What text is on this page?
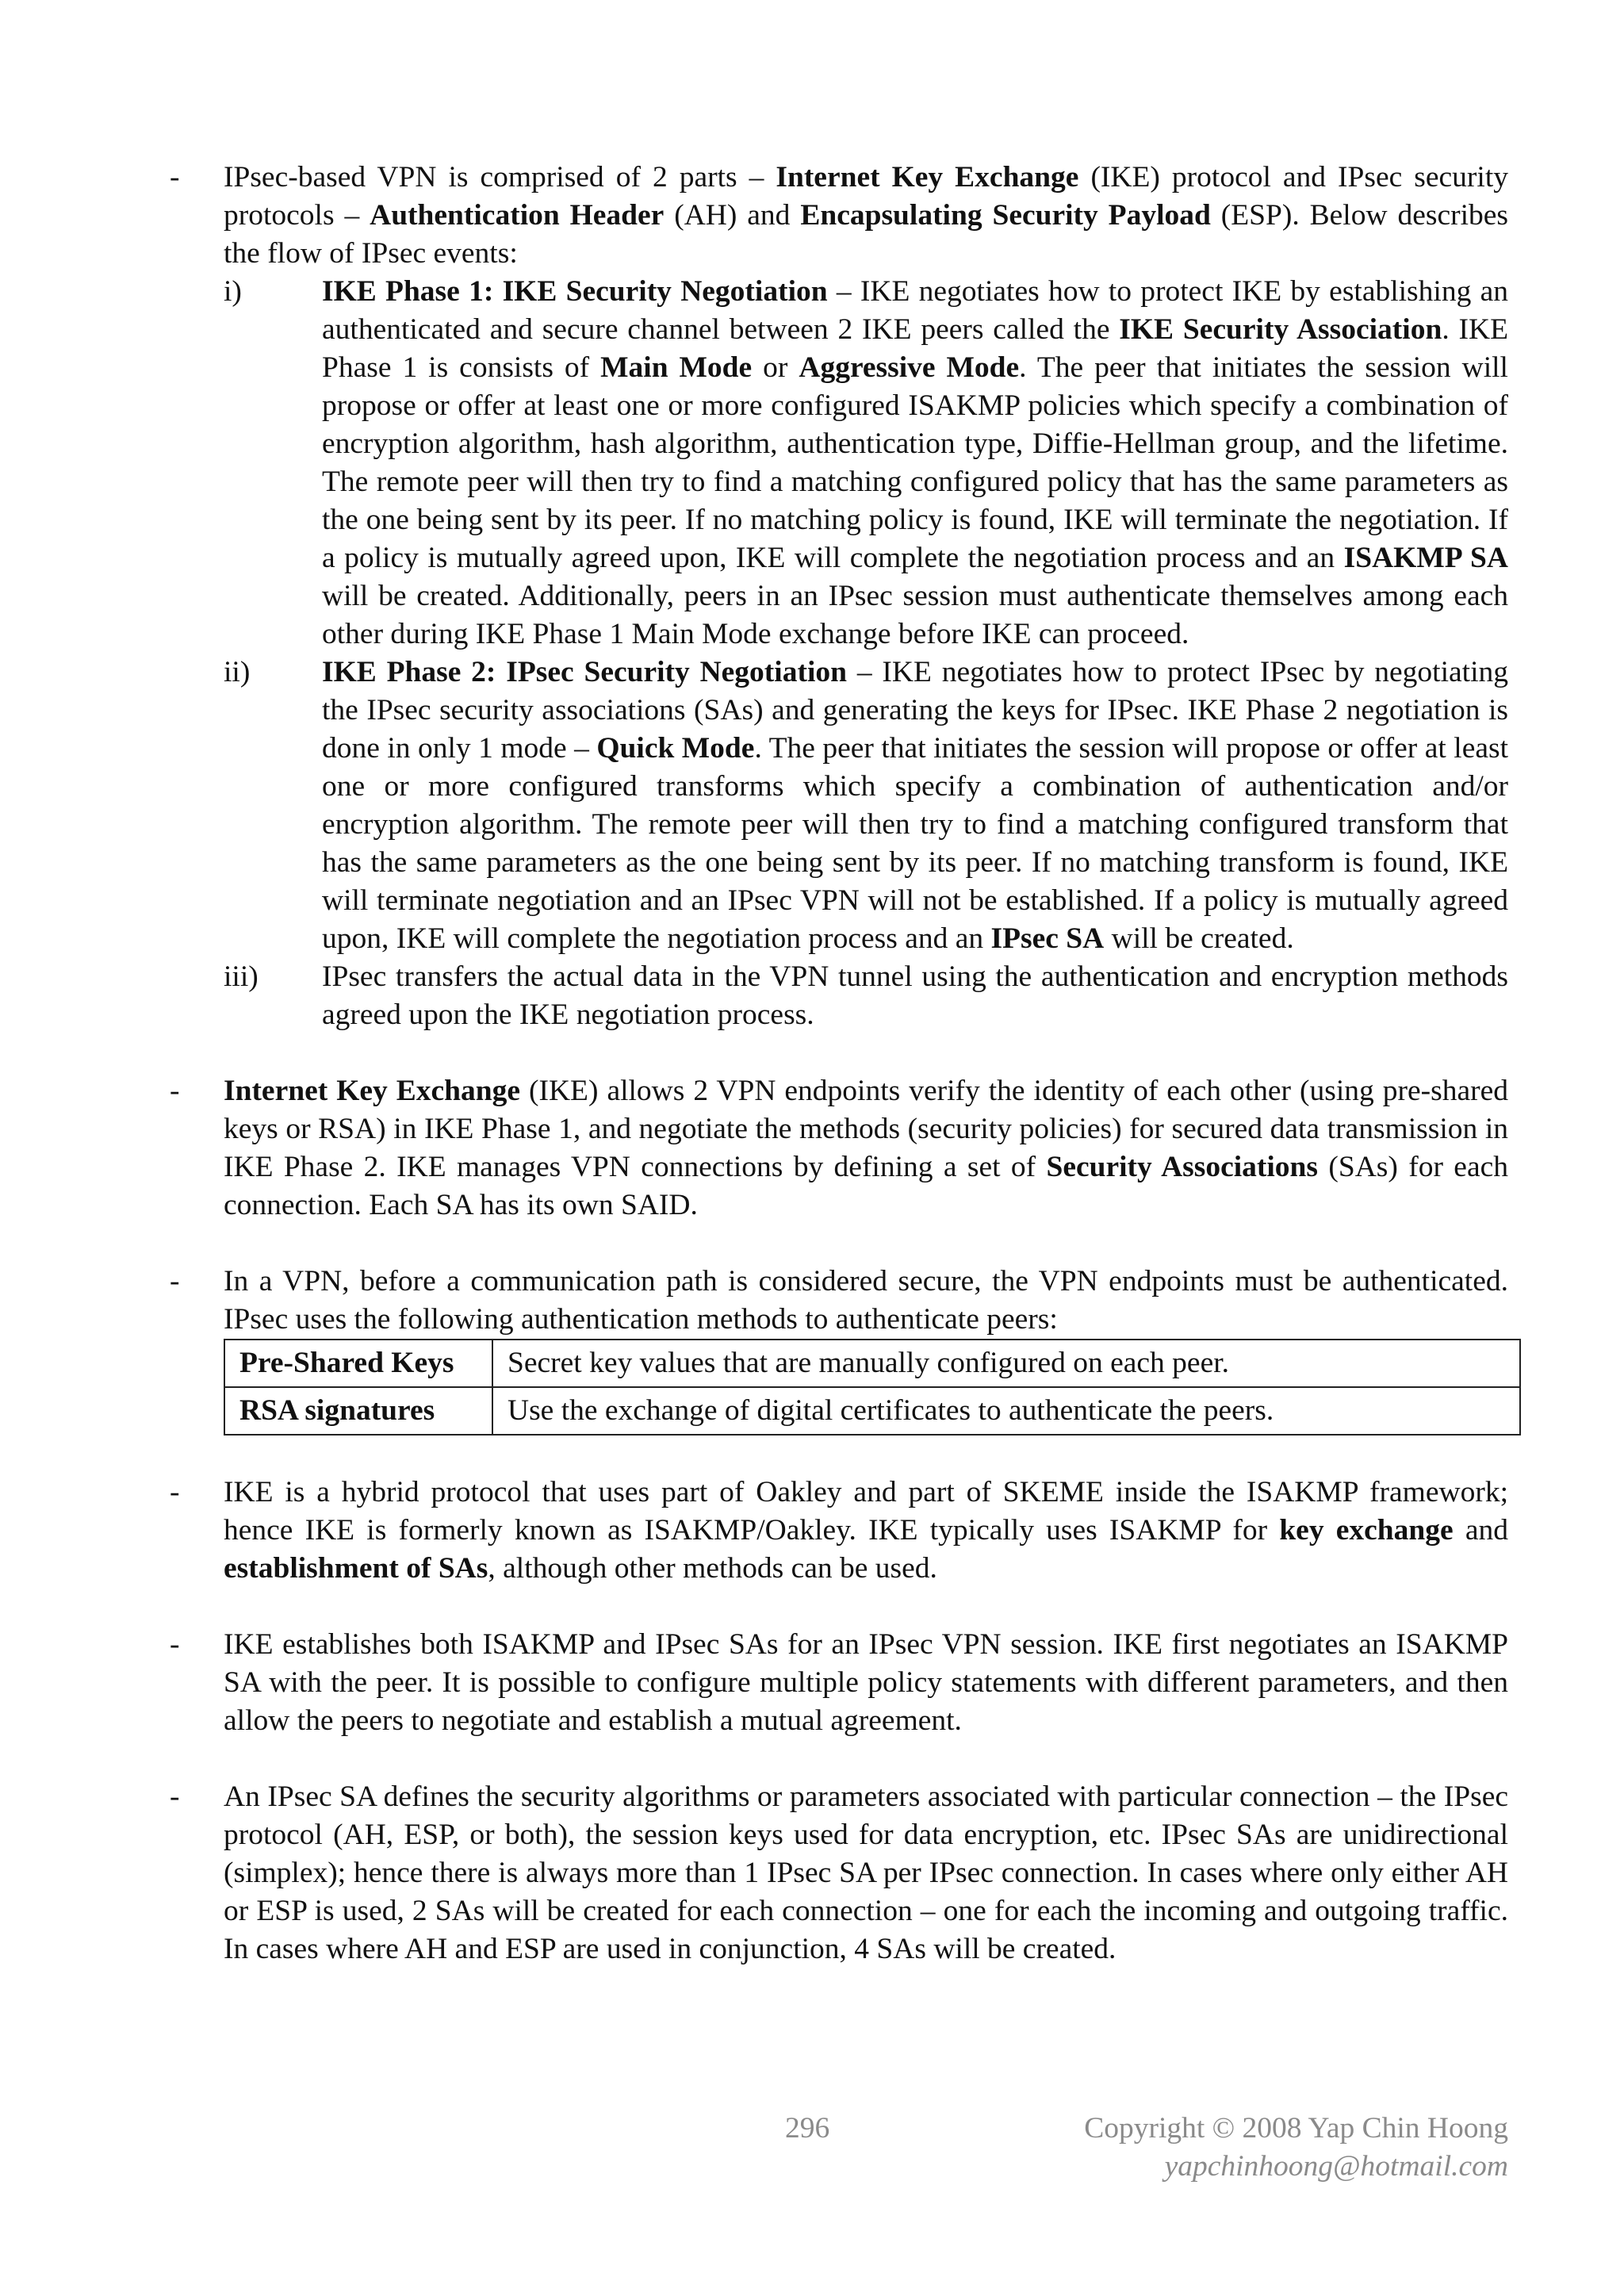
- IPsec-based VPN is comprised of 2 parts – Internet Key Exchange (IKE) protocol and IPsec security protocols – Authentication Header (AH) and Encapsulating Security Payload (ESP). Below describes the flow of IPsec events:

i)	IKE Phase 1: IKE Security Negotiation – IKE negotiates how to protect IKE by establishing an authenticated and secure channel between 2 IKE peers called the IKE Security Association. IKE Phase 1 is consists of Main Mode or Aggressive Mode. The peer that initiates the session will propose or offer at least one or more configured ISAKMP policies which specify a combination of encryption algorithm, hash algorithm, authentication type, Diffie-Hellman group, and the lifetime. The remote peer will then try to find a matching configured policy that has the same parameters as the one being sent by its peer. If no matching policy is found, IKE will terminate the negotiation. If a policy is mutually agreed upon, IKE will complete the negotiation process and an ISAKMP SA will be created. Additionally, peers in an IPsec session must authenticate themselves among each other during IKE Phase 1 Main Mode exchange before IKE can proceed.

ii) IKE Phase 2: IPsec Security Negotiation – IKE negotiates how to protect IPsec by negotiating the IPsec security associations (SAs) and generating the keys for IPsec. IKE Phase 2 negotiation is done in only 1 mode – Quick Mode. The peer that initiates the session will propose or offer at least one or more configured transforms which specify a combination of authentication and/or encryption algorithm. The remote peer will then try to find a matching configured transform that has the same parameters as the one being sent by its peer. If no matching transform is found, IKE will terminate negotiation and an IPsec VPN will not be established. If a policy is mutually agreed upon, IKE will complete the negotiation process and an IPsec SA will be created.

iii) IPsec transfers the actual data in the VPN tunnel using the authentication and encryption methods agreed upon the IKE negotiation process.

- Internet Key Exchange (IKE) allows 2 VPN endpoints verify the identity of each other (using pre-shared keys or RSA) in IKE Phase 1, and negotiate the methods (security policies) for secured data transmission in IKE Phase 2. IKE manages VPN connections by defining a set of Security Associations (SAs) for each connection. Each SA has its own SAID.

- In a VPN, before a communication path is considered secure, the VPN endpoints must be authenticated. IPsec uses the following authentication methods to authenticate peers:

Pre-Shared Keys	Secret key values that are manually configured on each peer.
RSA signatures	Use the exchange of digital certificates to authenticate the peers.
- IKE is a hybrid protocol that uses part of Oakley and part of SKEME inside the ISAKMP framework; hence IKE is formerly known as ISAKMP/Oakley. IKE typically uses ISAKMP for key exchange and establishment of SAs, although other methods can be used.

- IKE establishes both ISAKMP and IPsec SAs for an IPsec VPN session. IKE first negotiates an ISAKMP SA with the peer. It is possible to configure multiple policy statements with different parameters, and then allow the peers to negotiate and establish a mutual agreement.

- An IPsec SA defines the security algorithms or parameters associated with particular connection – the IPsec protocol (AH, ESP, or both), the session keys used for data encryption, etc. IPsec SAs are unidirectional (simplex); hence there is always more than 1 IPsec SA per IPsec connection. In cases where only either AH or ESP is used, 2 SAs will be created for each connection – one for each the incoming and outgoing traffic. In cases where AH and ESP are used in conjunction, 4 SAs will be created.

296	Copyright © 2008 Yap Chin Hoong
yapchinhoong@hotmail.com
